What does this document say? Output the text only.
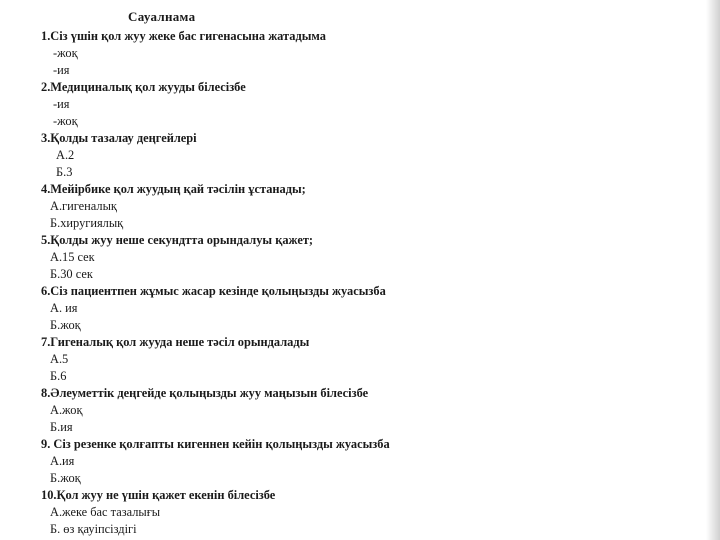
Сауалнама
1.Сіз үшін қол жуу жеке бас гигенасына жатадыма
-жоқ
-ия
2.Медициналық қол жууды білесізбе
-ия
-жоқ
3.Қолды тазалау деңгейлері
А.2
Б.3
4.Мейірбике қол жуудың қай тәсілін ұстанады;
А.гигеналық
Б.хиругиялық
5.Қолды жуу неше секундтта орындалуы қажет;
А.15 сек
Б.30 сек
6.Сіз пациентпен жұмыс жасар кезінде қолыңызды жуасызба
А. ия
Б.жоқ
7.Гигеналық қол жууда неше тәсіл орындалады
А.5
Б.6
8.Әлеуметтік деңгейде қолыңызды жуу маңызын білесізбе
А.жоқ
Б.ия
9. Сіз резенке қолғапты кигеннен кейін қолыңызды жуасызба
А.ия
Б.жоқ
10.Қол жуу не үшін қажет екенін білесізбе
А.жеке бас тазалығы
Б. өз қауіпсіздігі
